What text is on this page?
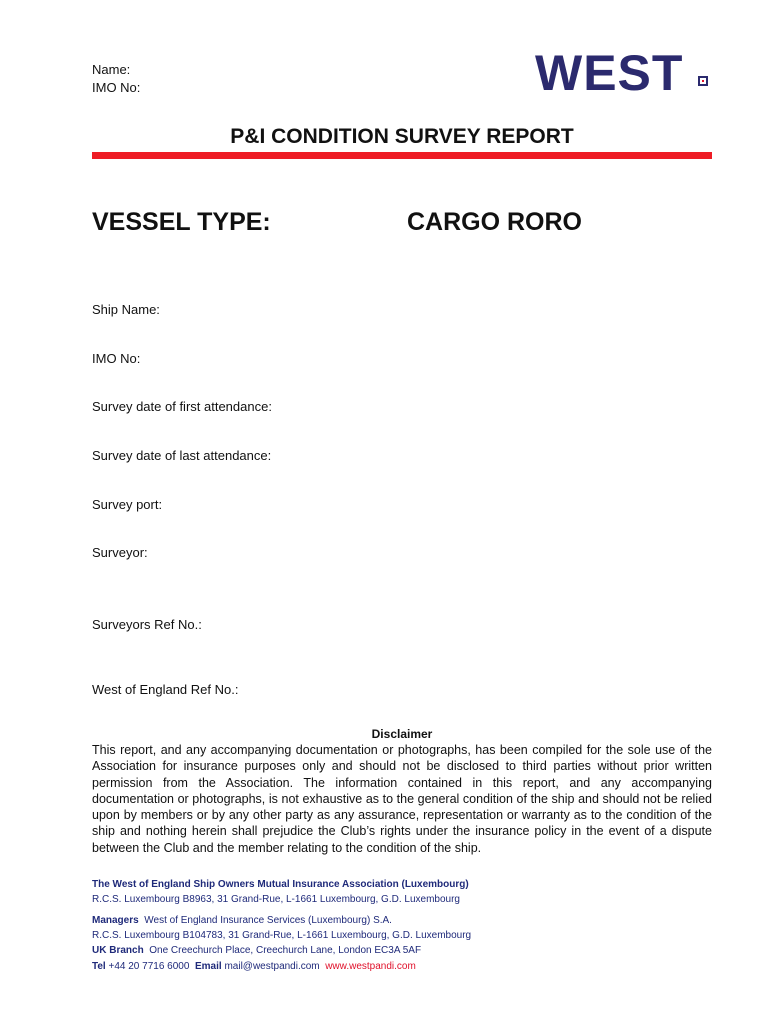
Name:
IMO No:	WEST
P&I CONDITION SURVEY REPORT
VESSEL TYPE:	CARGO RORO
Ship Name:
IMO No:
Survey date of first attendance:
Survey date of last attendance:
Survey port:
Surveyor:
Surveyors Ref No.:
West of England Ref No.:
Disclaimer
This report, and any accompanying documentation or photographs, has been compiled for the sole use of the Association for insurance purposes only and should not be disclosed to third parties without prior written permission from the Association. The information contained in this report, and any accompanying documentation or photographs, is not exhaustive as to the general condition of the ship and should not be relied upon by members or by any other party as any assurance, representation or warranty as to the condition of the ship and nothing herein shall prejudice the Club’s rights under the insurance policy in the event of a dispute between the Club and the member relating to the condition of the ship.
The West of England Ship Owners Mutual Insurance Association (Luxembourg)
R.C.S. Luxembourg B8963, 31 Grand-Rue, L-1661 Luxembourg, G.D. Luxembourg
Managers West of England Insurance Services (Luxembourg) S.A.
R.C.S. Luxembourg B104783, 31 Grand-Rue, L-1661 Luxembourg, G.D. Luxembourg
UK Branch One Creechurch Place, Creechurch Lane, London EC3A 5AF
Tel +44 20 7716 6000 Email mail@westpandi.com www.westpandi.com
